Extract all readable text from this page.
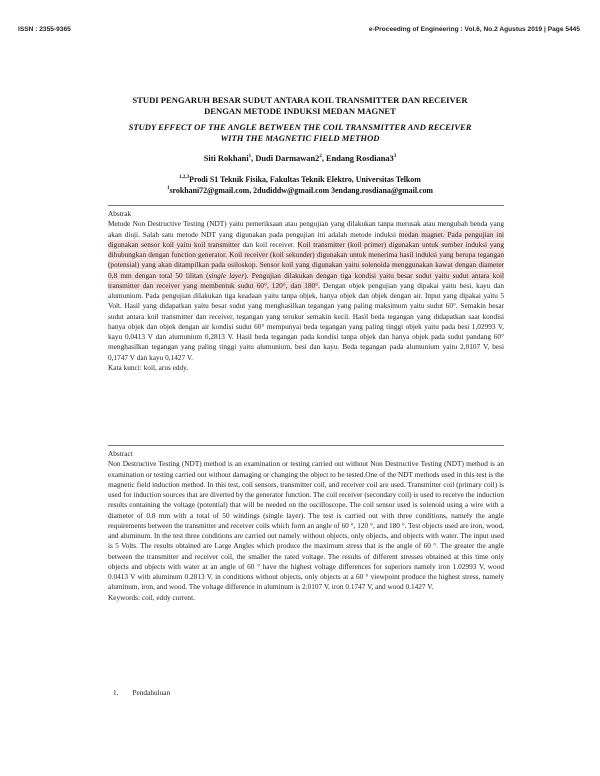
ISSN : 2355-9365	e-Proceeding of Engineering : Vol.6, No.2 Agustus 2019 | Page 5445
STUDI PENGARUH BESAR SUDUT ANTARA KOIL TRANSMITTER DAN RECEIVER
DENGAN METODE INDUKSI MEDAN MAGNET
STUDY EFFECT OF THE ANGLE BETWEEN THE COIL TRANSMITTER AND RECEIVER
WITH THE MAGNETIC FIELD METHOD
Siti Rokhani$^1$, Dudi $Darmawan2^2$, Endang $Rosdiana3^3$
$^{1,2,3}$Prodi S1 Teknik Fisika, Fakultas Teknik Elektro, Universitas Telkom
$^1$srokhani72@gmail.com, 2dudiddw@gmail.com 3endang.rosdiana@gmail.com

Abstrak
Metode Non Destructive Testing (NDT) yaitu pemeriksaan atau pengujian yang dilakukan tanpa merusak atau mengubah benda yang akan diuji. Salah satu metode NDT yang digunakan pada pengujian ini adalah metode induksi medan magnet. Pada pengujian ini digunakan sensor koil yaitu koil transmitter dan koil receiver. Koil transmitter (koil primer) digunakan untuk sumber induksi yang dihubungkan dengan function generator. Koil receiver (koil sekunder) digunakan untuk menerima hasil induksi yang berupa tegangan (potensial) yang akan ditampilkan pada osiloskop. Sensor koil yang digunakan yaitu solenoida menggunakan kawat dengan diameter 0,8 mm dengan total 50 lilitan (single layer). Pengujian dilakukan dengan tiga kondisi yaitu besar sudut yaitu sudut antara koil transmitter dan receiver yang membentuk sudut 60°, 120°, dan 180°. Dengan objek pengujian yang dipakai yaitu besi, kayu dan alumunium. Pada pengujian dilakukan tiga keadaan yaitu tanpa objek, hanya objek dan objek dengan air. Input yang dipakai yaitu 5 Volt. Hasil yang didapatkan yaitu besar sudut yang menghasilkan tegangan yang paling maksimum yaitu sudut 60°. Semakin besar sudut antara koil transmitter dan receiver, tegangan yang terukur semakin kecil. Hasil beda tegangan yang didapatkan saat kondisi hanya objek dan objek dengan air kondisi sudut 60° mempunyai beda tegangan yang paling tinggi objek yaitu pada besi 1,02993 V, kayu 0,0413 V dan alumunium 0,2813 V. Hasil beda tegangan pada kondisi tanpa objek dan hanya objek pada sudut pandang 60° menghasilkan tegangan yang paling tinggi yaitu alumunium, besi dan kayu. Beda tegangan pada alumunium yaitu 2,0107 V, besi 0,1747 V dan kayu 0,1427 V.
Kata kunci: koil, arus eddy.

Abstract
Non Destructive Testing (NDT) method is an examination or testing carried out without Non Destructive Testing (NDT) method is an examination or testing carried out without damaging or changing the object to be tested.One of the NDT methods used in this test is the magnetic field induction method. In this test, coil sensors, transmitter coil, and receiver coil are used. Transmitter coil (primary coil) is used for induction sources that are diverted by the generator function. The coil receiver (secondary coil) is used to receive the induction results containing the voltage (potential) that will be needed on the oscilloscope. The coil sensor used is solenoid using a wire with a diameter of 0.8 mm with a total of 50 windings (single layer). The test is carried out with three conditions, namely the angle requirements between the transmitter and receiver coils which form an angle of 60 °, 120 °, and 180 °. Test objects used are iron, wood, and aluminum. In the test three conditions are carried out namely without objects, only objects, and objects with water. The input used is 5 Volts. The results obtained are Large Angles which produce the maximum stress that is the angle of 60 °. The greater the angle between the transmitter and receiver coil, the smaller the rated voltage. The results of different stresses obtained at this time only objects and objects with water at an angle of 60 ° have the highest voltage differences for superiors namely iron 1.02993 V, wood 0.0413 V with aluminum 0.2813 V. in conditions without objects, only objects at a 60 ° viewpoint produce the highest stress, namely aluminum, iron, and wood. The voltage difference in aluminum is 2.0107 V, iron 0.1747 V, and wood 0.1427 V.
Keywords: coil, eddy current.

1. Pendahuluan
